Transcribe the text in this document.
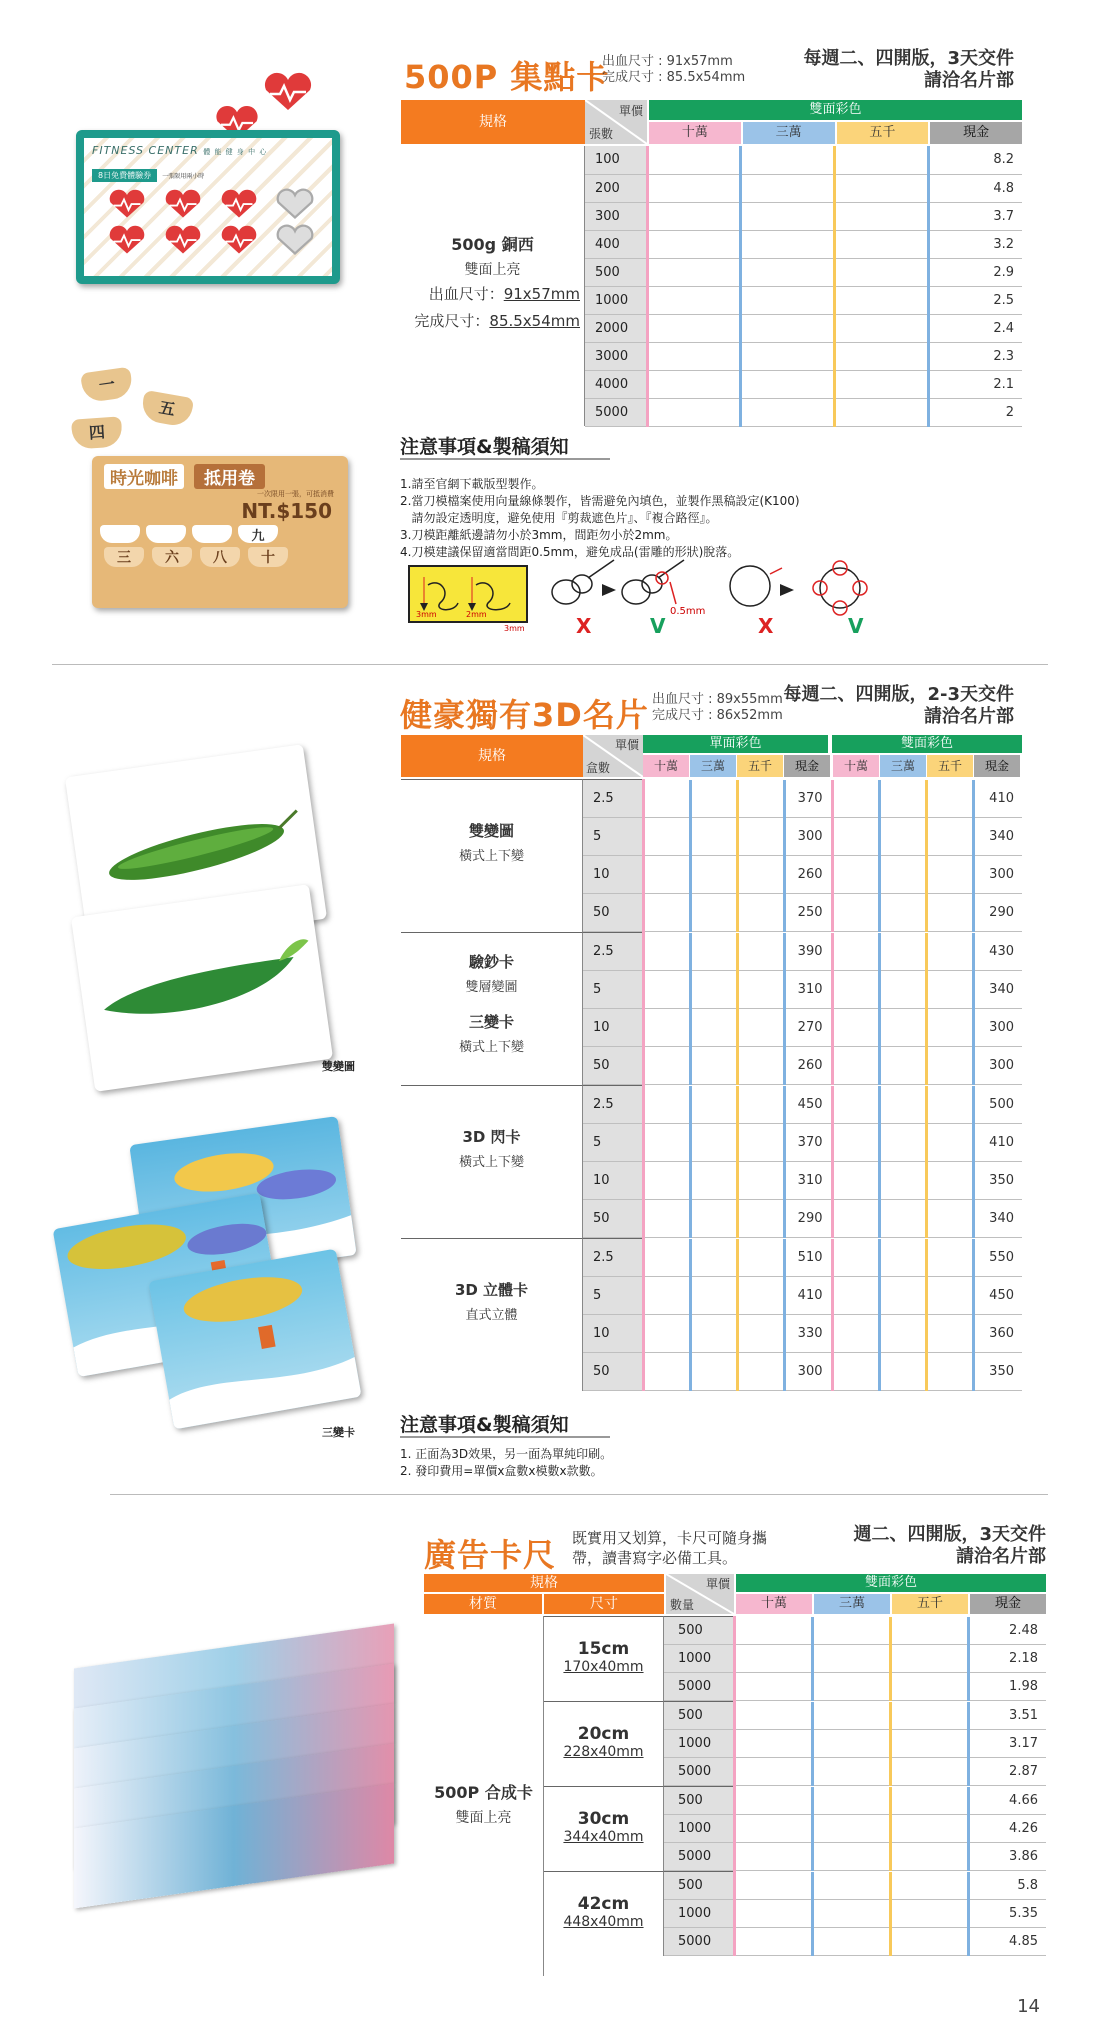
500P 集點卡
出血尺寸 : 91x57mm
完成尺寸 : 85.5x54mm
每週二、四開版，3天交件
請洽名片部
規格
單價
張數
雙面彩色
十萬	三萬	五千	現金
500g 銅西
雙面上亮
出血尺寸：91x57mm
完成尺寸：85.5x54mm
100				8.2
200				4.8
300				3.7
400				3.2
500				2.9
1000				2.5
2000				2.4
3000				2.3
4000				2.1
5000				2
FITNESS CENTER 體 能 健 身 中 心
8日免費體驗券 一張限用兩小時
一
五
四
時光咖啡	抵用卷
一次限用一張，可抵消費
NT.$150
九
三	六	八	十
注意事項&製稿須知
1.請至官網下載版型製作。
2.當刀模檔案使用向量線條製作，皆需避免內填色，並製作黑稿設定(K100)
請勿設定透明度，避免使用『剪裁遮色片』、『複合路徑』。
3.刀模距離紙邊請勿小於3mm，間距勿小於2mm。
4.刀模建議保留適當間距0.5mm，避免成品(雷雕的形狀)脫落。
3mm	2mm
3mm
0.5mm
X	V	X	V
健豪獨有3D名片 出血尺寸 : 89x55mm
完成尺寸 : 86x52mm
每週二、四開版，2-3天交件
請洽名片部
規格
單價
盒數
單面彩色	雙面彩色
十萬	三萬	五千	現金	十萬	三萬	五千	現金
雙變圖
橫式上下變
2.5				370				410
5				300				340
10				260				300
50				250				290
驗鈔卡
雙層變圖
三變卡
橫式上下變
2.5				390				430
5				310				340
10				270				300
50				260				300
3D 閃卡
橫式上下變
2.5				450				500
5				370				410
10				310				350
50				290				340
3D 立體卡
直式立體
2.5				510				550
5				410				450
10				330				360
50				300				350
雙變圖
三變卡 注意事項&製稿須知
1. 正面為3D效果，另一面為單純印刷。
2. 發印費用=單價x盒數x模數x款數。
廣告卡尺 既實用又划算，卡尺可隨身攜
帶，讀書寫字必備工具。
週二、四開版，3天交件
請洽名片部
規格
材質	尺寸
單價
數量
雙面彩色
十萬	三萬	五千	現金
500P 合成卡
雙面上亮
15cm
170x40mm
500				2.48
1000				2.18
5000				1.98
20cm
228x40mm
500				3.51
1000				3.17
5000				2.87
30cm
344x40mm
500				4.66
1000				4.26
5000				3.86
42cm
448x40mm
500				5.8
1000				5.35
5000				4.85
14
